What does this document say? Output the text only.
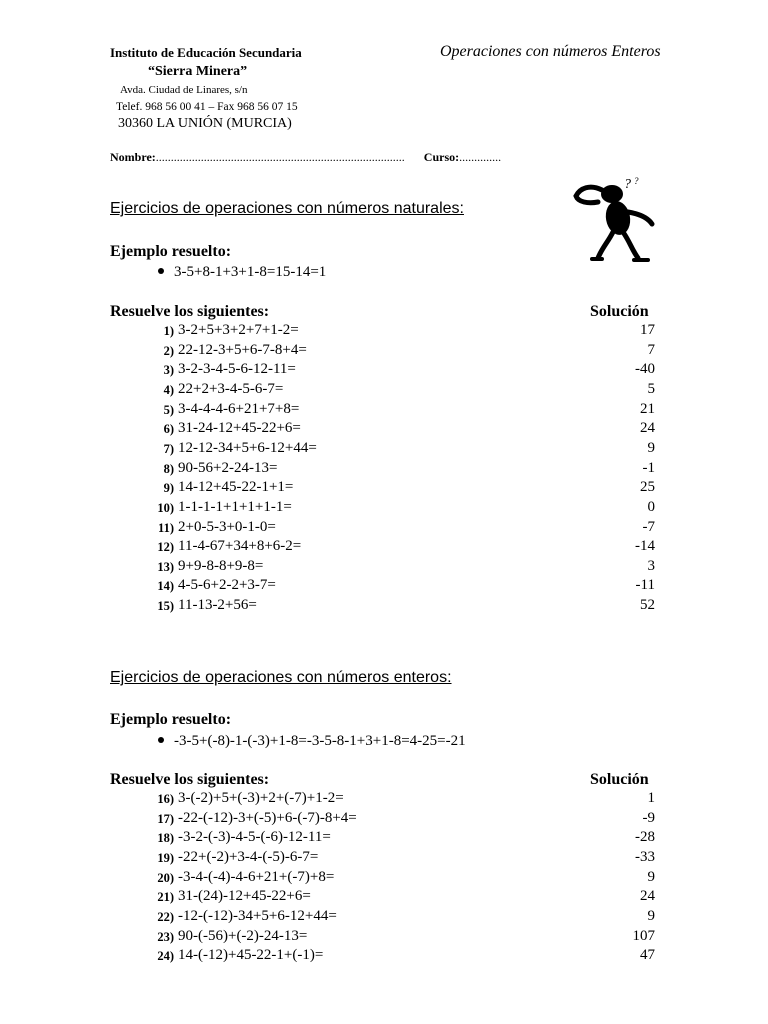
Instituto de Educación Secundaria
“Sierra Minera”
Avda. Ciudad de Linares, s/n
Telef. 968 56 00 41 – Fax 968 56 07 15
30360 LA UNIÓN (MURCIA)
Operaciones con números Enteros
Nombre:................................................................................... Curso:..............
? ?
Ejercicios de operaciones con números naturales:
Ejemplo resuelto:
3-5+8-1+3+1-8=15-14=1
Resuelve los siguientes:	Solución
1) 3-2+5+3+2+7+1-2=	17
2) 22-12-3+5+6-7-8+4=	7
3) 3-2-3-4-5-6-12-11=	-40
4) 22+2+3-4-5-6-7=	5
5) 3-4-4-4-6+21+7+8=	21
6) 31-24-12+45-22+6=	24
7) 12-12-34+5+6-12+44=	9
8) 90-56+2-24-13=	-1
9) 14-12+45-22-1+1=	25
10) 1-1-1-1+1+1+1-1=	0
11) 2+0-5-3+0-1-0=	-7
12) 11-4-67+34+8+6-2=	-14
13) 9+9-8-8+9-8=	3
14) 4-5-6+2-2+3-7=	-11
15) 11-13-2+56=	52
Ejercicios de operaciones con números enteros:
Ejemplo resuelto:
-3-5+(-8)-1-(-3)+1-8=-3-5-8-1+3+1-8=4-25=-21
Resuelve los siguientes:	Solución
16) 3-(-2)+5+(-3)+2+(-7)+1-2=	1
17) -22-(-12)-3+(-5)+6-(-7)-8+4=	-9
18) -3-2-(-3)-4-5-(-6)-12-11=	-28
19) -22+(-2)+3-4-(-5)-6-7=	-33
20) -3-4-(-4)-4-6+21+(-7)+8=	9
21) 31-(24)-12+45-22+6=	24
22) -12-(-12)-34+5+6-12+44=	9
23) 90-(-56)+(-2)-24-13=	107
24) 14-(-12)+45-22-1+(-1)=	47
